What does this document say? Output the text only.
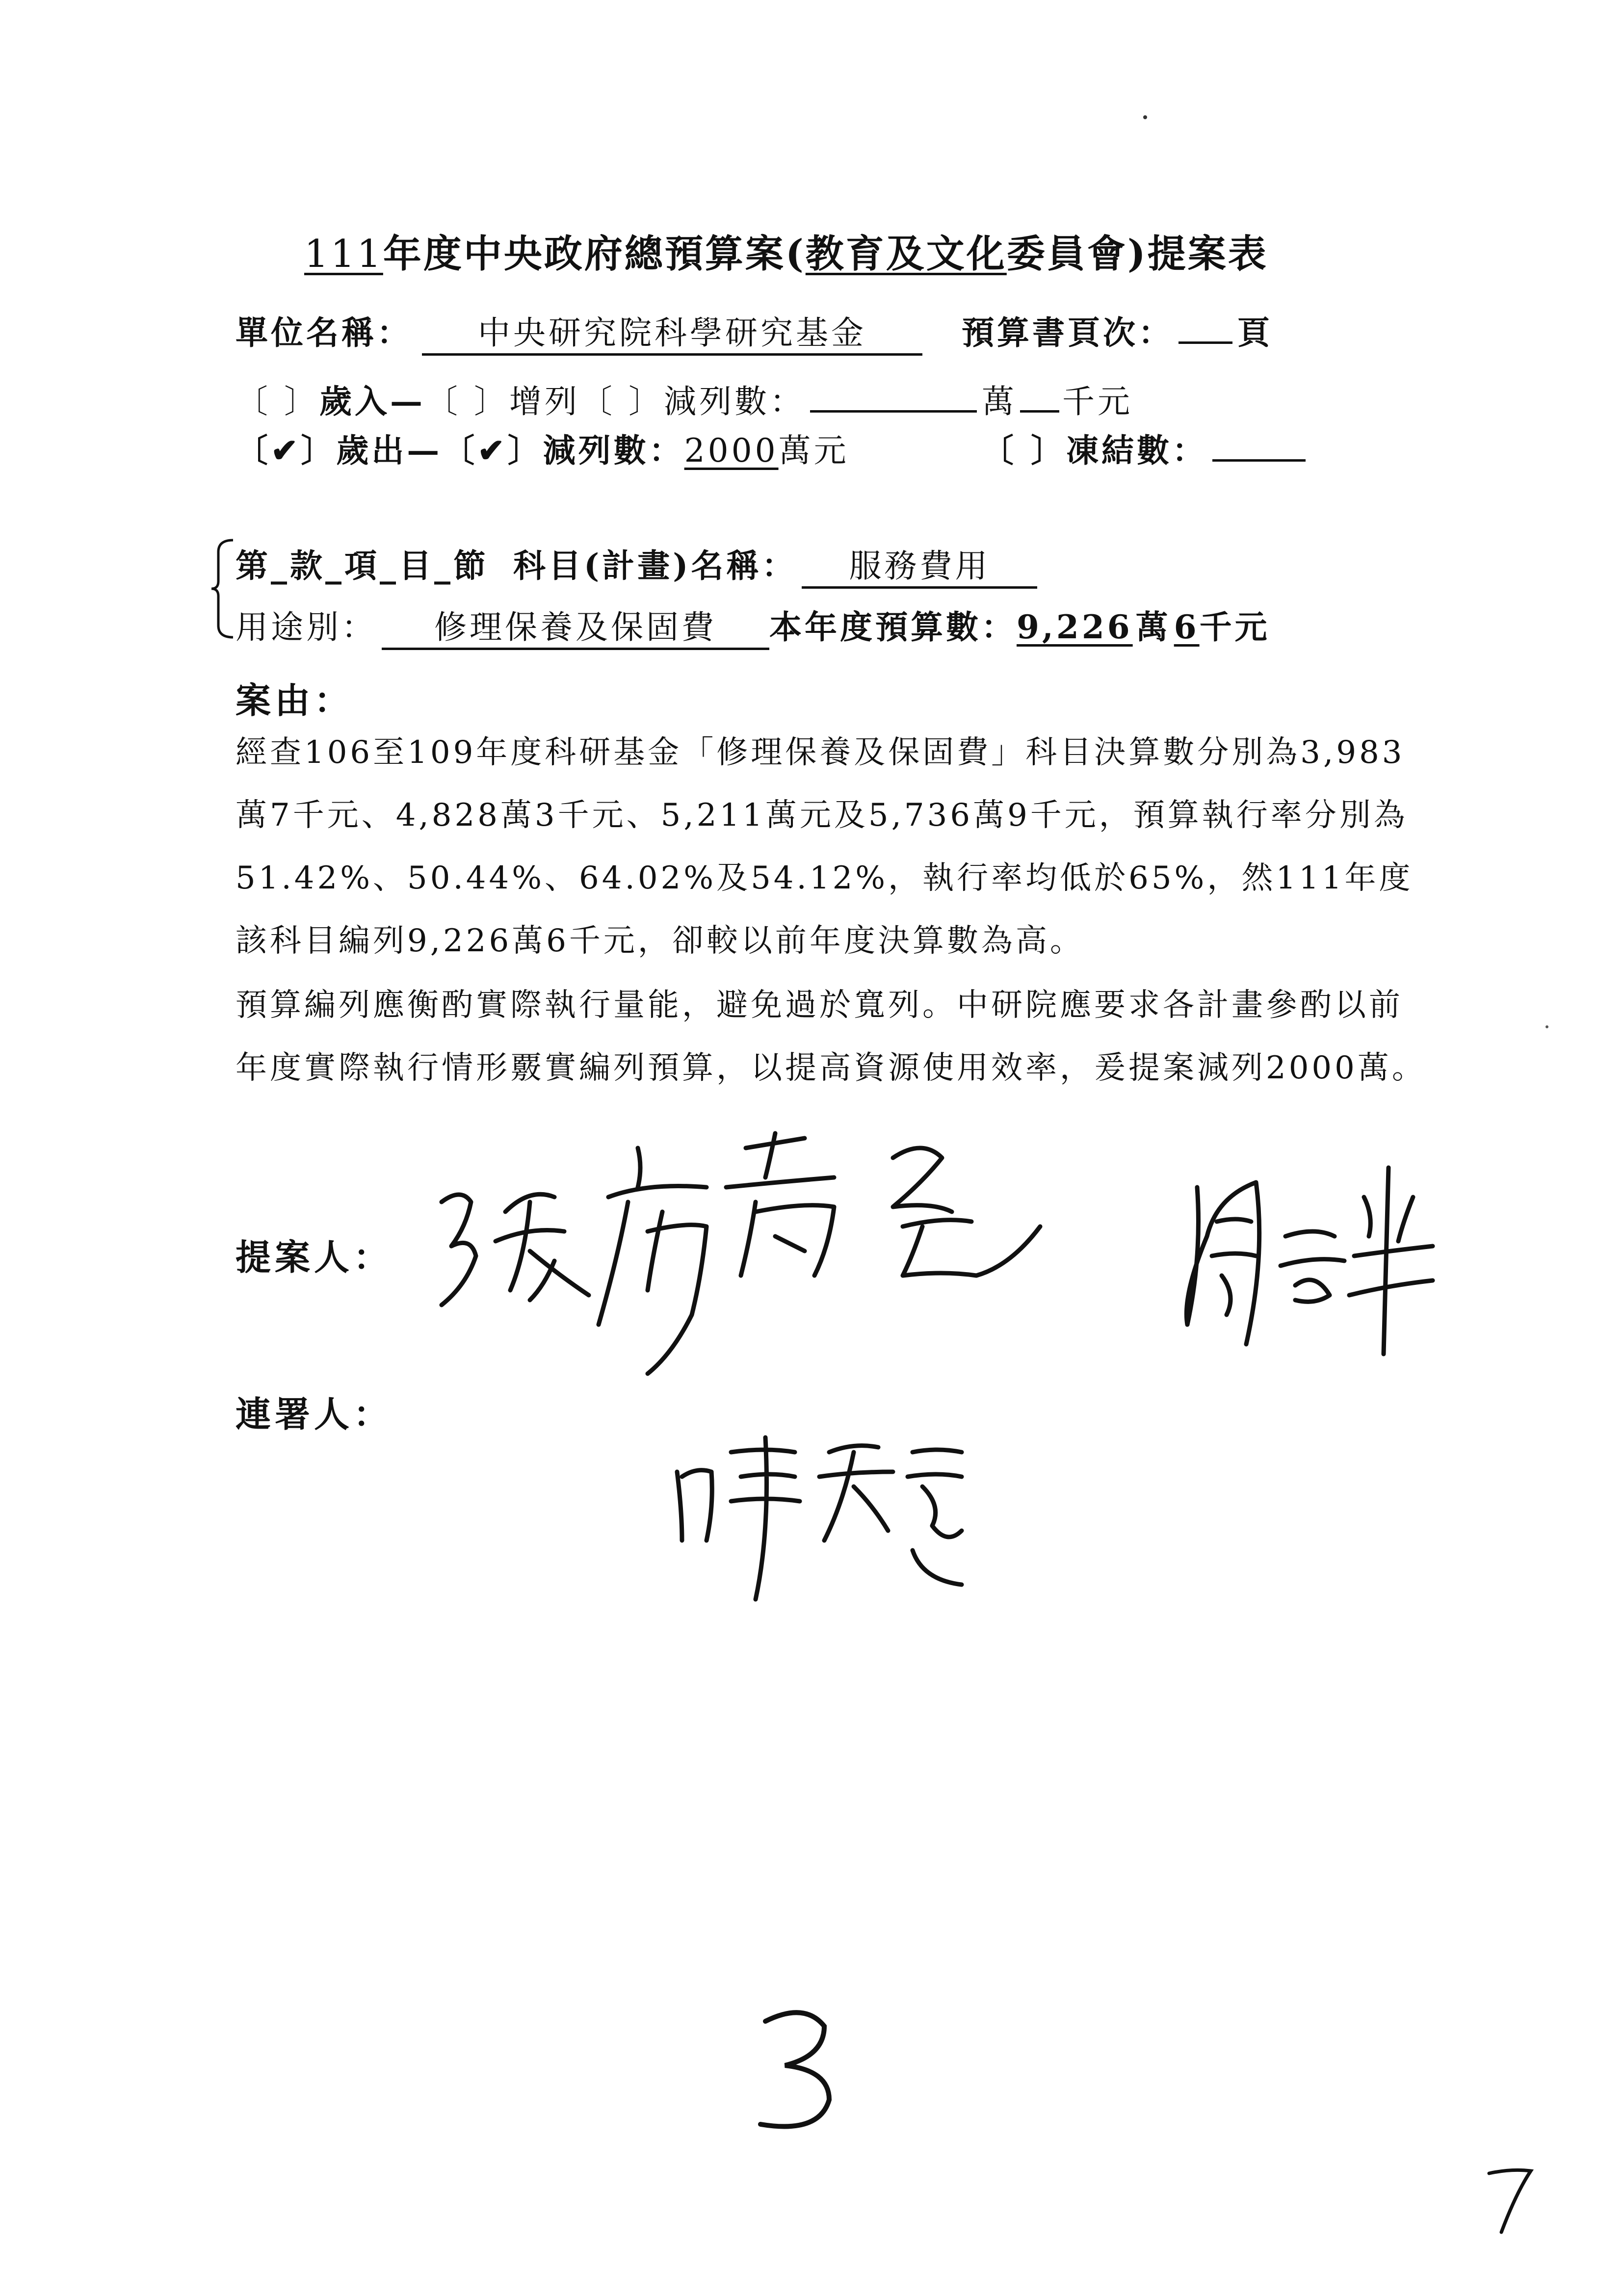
111年度中央政府總預算案(教育及文化委員會)提案表
單位名稱： 中央研究院科學研究基金	預算書頁次： 頁
〔 〕歲入—〔 〕增列〔 〕減列數：	萬 千元
〔✔〕歲出—〔✔〕減列數：2000萬元	〔 〕凍結數：
第_款_項_目_節 科目(計畫)名稱： 服務費用
用途別： 修理保養及保固費 本年度預算數：9,226萬6千元
案由：

經查106至109年度科研基金「修理保養及保固費」科目決算數分別為3,983萬7千元、4,828萬3千元、5,211萬元及5,736萬9千元，預算執行率分別為51.42%、50.44%、64.02%及54.12%，執行率均低於65%，然111年度該科目編列9,226萬6千元，卻較以前年度決算數為高。

預算編列應衡酌實際執行量能，避免過於寬列。中研院應要求各計畫參酌以前年度實際執行情形覈實編列預算，以提高資源使用效率，爰提案減列2000萬。

提案人：
連署人：
